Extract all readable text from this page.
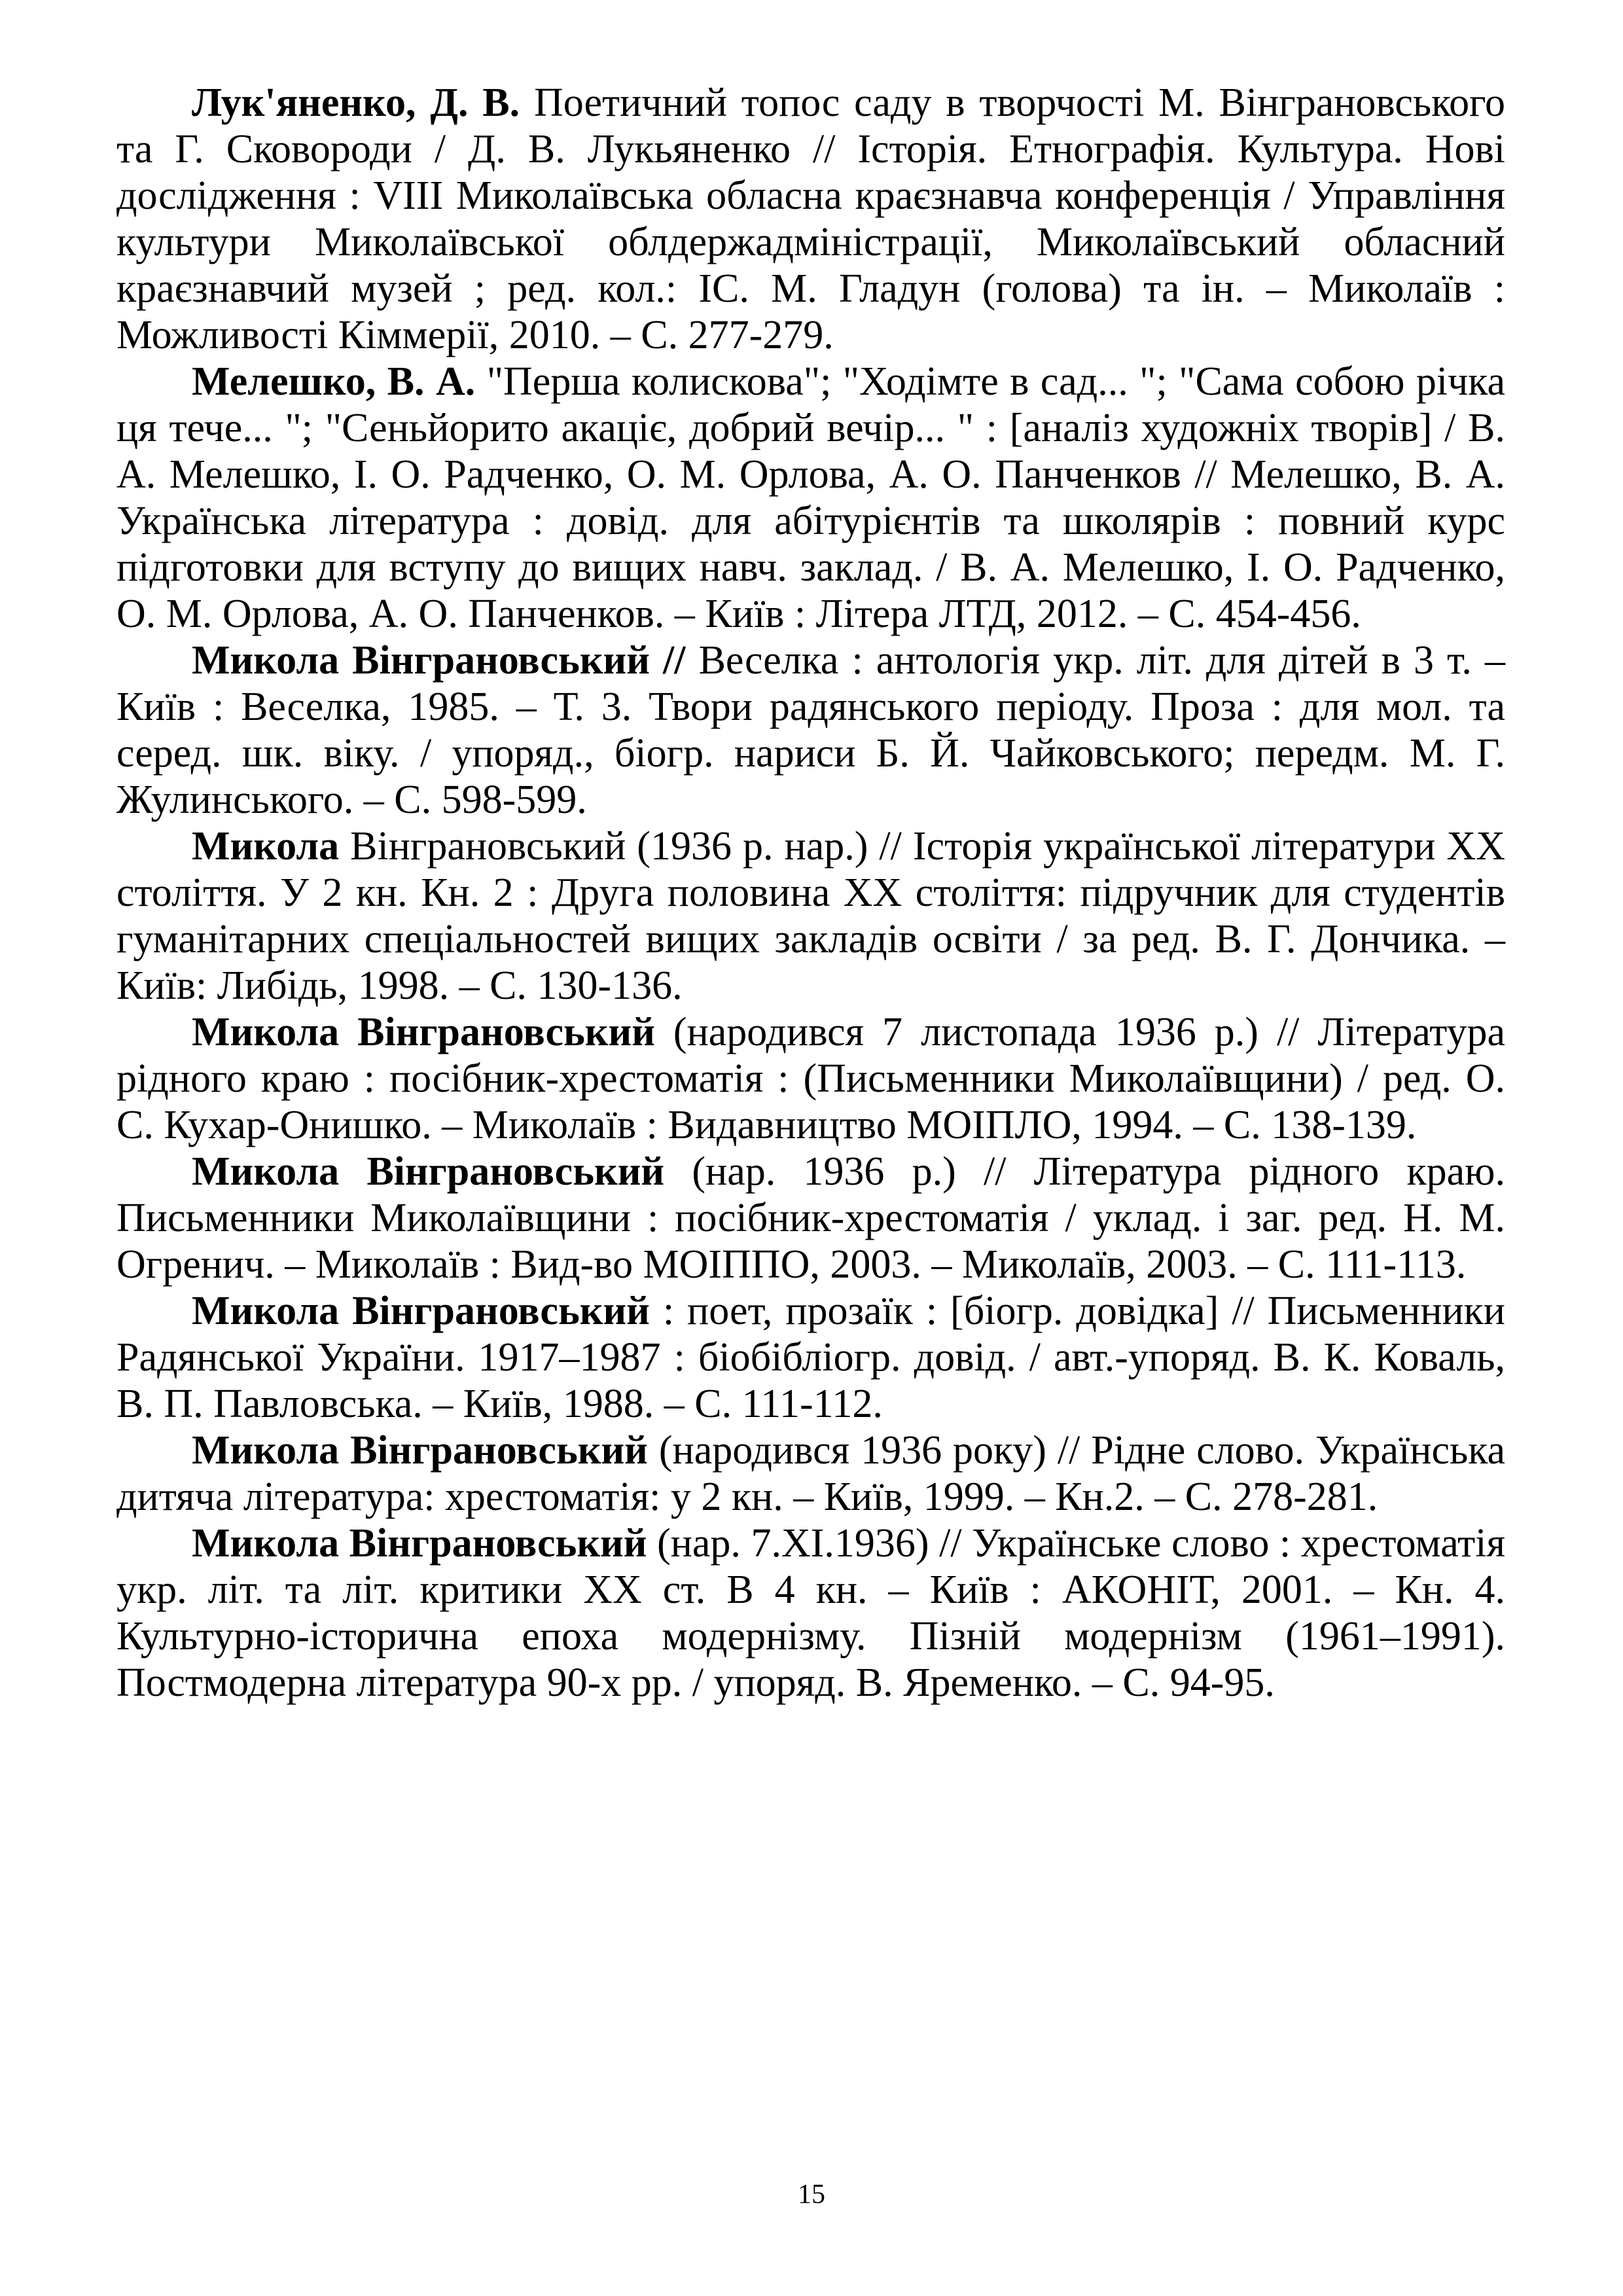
Лук'яненко, Д. В. Поетичний топос саду в творчості М. Вінграновського та Г. Сковороди / Д. В. Лукьяненко // Історія. Етнографія. Культура. Нові дослідження : VIII Миколаївська обласна краєзнавча конференція / Управління культури Миколаївської облдержадміністрації, Миколаївський обласний краєзнавчий музей ; ред. кол.: ІС. М. Гладун (голова) та ін. – Миколаїв : Можливості Кіммерії, 2010. – С. 277-279.

Мелешко, В. А. "Перша колискова"; "Ходімте в сад... "; "Сама собою річка ця тече... "; "Сеньйорито акаціє, добрий вечір... " : [аналіз художніх творів] / В. А. Мелешко, І. О. Радченко, О. М. Орлова, А. О. Панченков // Мелешко, В. А. Українська література : довід. для абітурієнтів та школярів : повний курс підготовки для вступу до вищих навч. заклад. / В. А. Мелешко, І. О. Радченко, О. М. Орлова, А. О. Панченков. – Київ : Літера ЛТД, 2012. – С. 454-456.

Микола Вінграновський // Веселка : антологія укр. літ. для дітей в 3 т. – Київ : Веселка, 1985. – Т. 3. Твори радянського періоду. Проза : для мол. та серед. шк. віку. / упоряд., біогр. нариси Б. Й. Чайковського; передм. М. Г. Жулинського. – С. 598-599.

Микола Вінграновський (1936 р. нар.) // Історія української літератури ХХ століття. У 2 кн. Кн. 2 : Друга половина ХХ століття: підручник для студентів гуманітарних спеціальностей вищих закладів освіти / за ред. В. Г. Дончика. – Київ: Либідь, 1998. – С. 130-136.

Микола Вінграновський (народився 7 листопада 1936 р.) // Література рідного краю : посібник-хрестоматія : (Письменники Миколаївщини) / ред. О. С. Кухар-Онишко. – Миколаїв : Видавництво МОІПЛО, 1994. – С. 138-139.

Микола Вінграновський (нар. 1936 р.) // Література рідного краю. Письменники Миколаївщини : посібник-хрестоматія / уклад. і заг. ред. Н. М. Огренич. – Миколаїв : Вид-во МОІППО, 2003. – Миколаїв, 2003. – С. 111-113.

Микола Вінграновський : поет, прозаїк : [біогр. довідка] // Письменники Радянської України. 1917–1987 : біобібліогр. довід. / авт.-упоряд. В. К. Коваль, В. П. Павловська. – Київ, 1988. – С. 111-112.

Микола Вінграновський (народився 1936 року) // Рідне слово. Українська дитяча література: хрестоматія: у 2 кн. – Київ, 1999. – Кн.2. – С. 278-281.

Микола Вінграновський (нар. 7.ХІ.1936) // Українське слово : хрестоматія укр. літ. та літ. критики ХХ ст. В 4 кн. – Київ : АКОНІТ, 2001. – Кн. 4. Культурно-історична епоха модернізму. Пізній модернізм (1961–1991). Постмодерна література 90-х рр. / упоряд. В. Яременко. – С. 94-95.

15
